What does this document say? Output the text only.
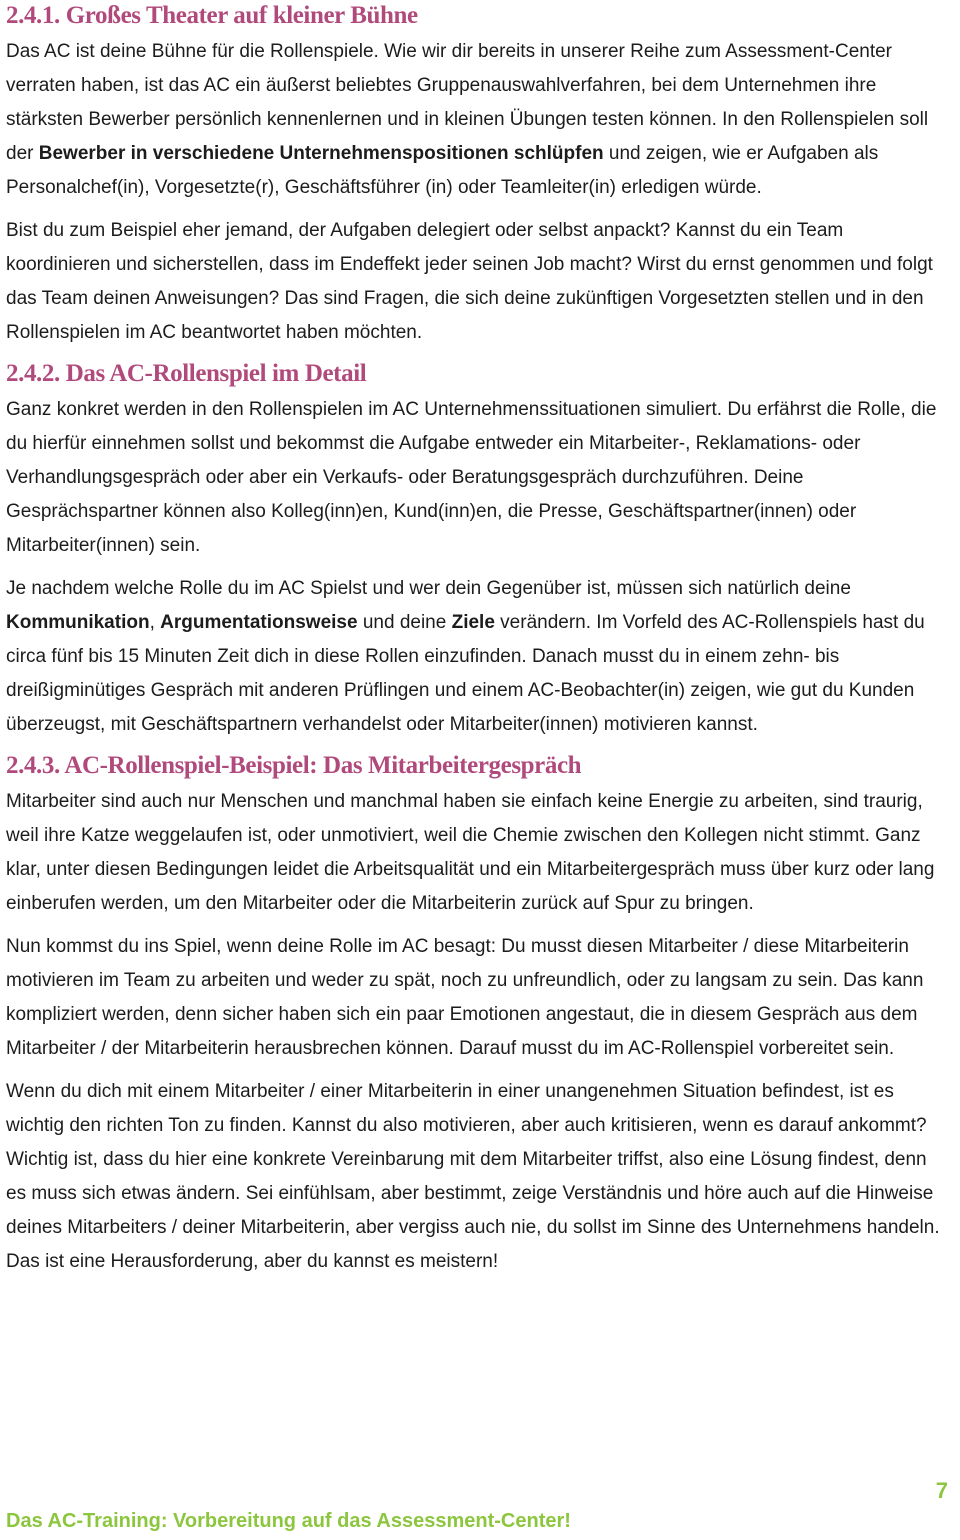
2.4.1. Großes Theater auf kleiner Bühne

Das AC ist deine Bühne für die Rollenspiele. Wie wir dir bereits in unserer Reihe zum Assessment-Center verraten haben, ist das AC ein äußerst beliebtes Gruppenauswahlverfahren, bei dem Unternehmen ihre stärksten Bewerber persönlich kennenlernen und in kleinen Übungen testen können. In den Rollenspielen soll der Bewerber in verschiedene Unternehmenspositionen schlüpfen und zeigen, wie er Aufgaben als Personalchef(in), Vorgesetzte(r), Geschäftsführer (in) oder Teamleiter(in) erledigen würde.

Bist du zum Beispiel eher jemand, der Aufgaben delegiert oder selbst anpackt? Kannst du ein Team koordinieren und sicherstellen, dass im Endeffekt jeder seinen Job macht? Wirst du ernst genommen und folgt das Team deinen Anweisungen? Das sind Fragen, die sich deine zukünftigen Vorgesetzten stellen und in den Rollenspielen im AC beantwortet haben möchten.

2.4.2. Das AC-Rollenspiel im Detail

Ganz konkret werden in den Rollenspielen im AC Unternehmenssituationen simuliert. Du erfährst die Rolle, die du hierfür einnehmen sollst und bekommst die Aufgabe entweder ein Mitarbeiter-, Reklamations- oder Verhandlungsgespräch oder aber ein Verkaufs- oder Beratungsgespräch durchzuführen. Deine Gesprächspartner können also Kolleg(inn)en, Kund(inn)en, die Presse, Geschäftspartner(innen) oder Mitarbeiter(innen) sein.

Je nachdem welche Rolle du im AC Spielst und wer dein Gegenüber ist, müssen sich natürlich deine Kommunikation, Argumentationsweise und deine Ziele verändern. Im Vorfeld des AC-Rollenspiels hast du circa fünf bis 15 Minuten Zeit dich in diese Rollen einzufinden. Danach musst du in einem zehn- bis dreißigminütiges Gespräch mit anderen Prüflingen und einem AC-Beobachter(in) zeigen, wie gut du Kunden überzeugst, mit Geschäftspartnern verhandelst oder Mitarbeiter(innen) motivieren kannst.

2.4.3. AC-Rollenspiel-Beispiel: Das Mitarbeitergespräch

Mitarbeiter sind auch nur Menschen und manchmal haben sie einfach keine Energie zu arbeiten, sind traurig, weil ihre Katze weggelaufen ist, oder unmotiviert, weil die Chemie zwischen den Kollegen nicht stimmt. Ganz klar, unter diesen Bedingungen leidet die Arbeitsqualität und ein Mitarbeitergespräch muss über kurz oder lang einberufen werden, um den Mitarbeiter oder die Mitarbeiterin zurück auf Spur zu bringen.

Nun kommst du ins Spiel, wenn deine Rolle im AC besagt: Du musst diesen Mitarbeiter / diese Mitarbeiterin motivieren im Team zu arbeiten und weder zu spät, noch zu unfreundlich, oder zu langsam zu sein. Das kann kompliziert werden, denn sicher haben sich ein paar Emotionen angestaut, die in diesem Gespräch aus dem Mitarbeiter / der Mitarbeiterin herausbrechen können. Darauf musst du im AC-Rollenspiel vorbereitet sein.

Wenn du dich mit einem Mitarbeiter / einer Mitarbeiterin in einer unangenehmen Situation befindest, ist es wichtig den richten Ton zu finden. Kannst du also motivieren, aber auch kritisieren, wenn es darauf ankommt? Wichtig ist, dass du hier eine konkrete Vereinbarung mit dem Mitarbeiter triffst, also eine Lösung findest, denn es muss sich etwas ändern. Sei einfühlsam, aber bestimmt, zeige Verständnis und höre auch auf die Hinweise deines Mitarbeiters / deiner Mitarbeiterin, aber vergiss auch nie, du sollst im Sinne des Unternehmens handeln. Das ist eine Herausforderung, aber du kannst es meistern!

7
Das AC-Training: Vorbereitung auf das Assessment-Center!
